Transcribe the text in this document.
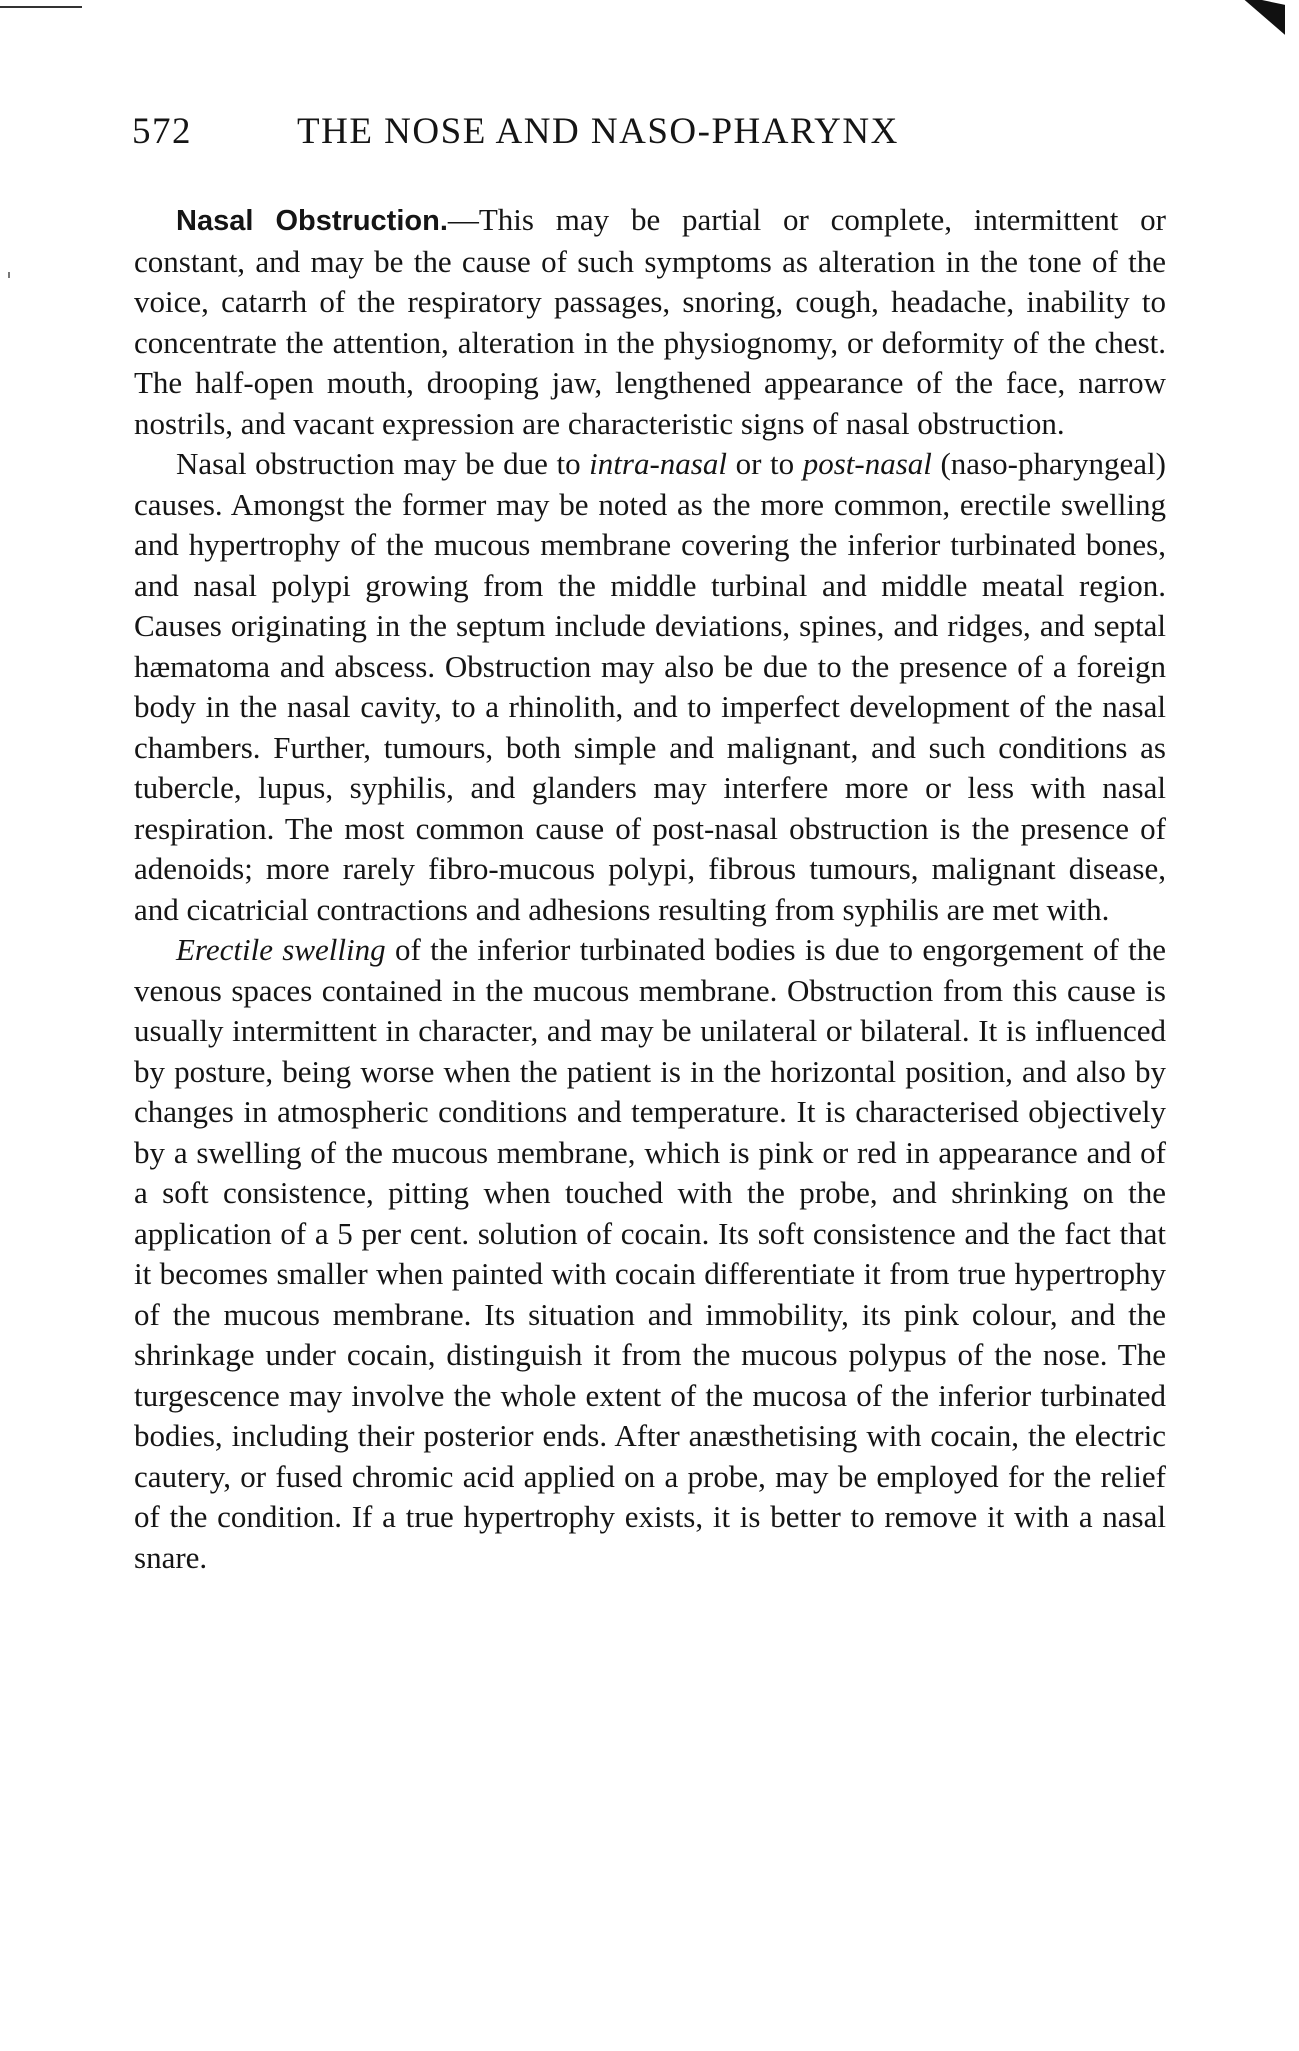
572	THE NOSE AND NASO-PHARYNX

Nasal Obstruction.—This may be partial or complete, intermittent or constant, and may be the cause of such symptoms as alteration in the tone of the voice, catarrh of the respiratory passages, snoring, cough, headache, inability to concentrate the attention, alteration in the physiognomy, or deformity of the chest. The half-open mouth, drooping jaw, lengthened appearance of the face, narrow nostrils, and vacant expression are characteristic signs of nasal obstruction.

Nasal obstruction may be due to intra-nasal or to post-nasal (naso-pharyngeal) causes. Amongst the former may be noted as the more common, erectile swelling and hypertrophy of the mucous membrane covering the inferior turbinated bones, and nasal polypi growing from the middle turbinal and middle meatal region. Causes originating in the septum include deviations, spines, and ridges, and septal hæmatoma and abscess. Obstruction may also be due to the presence of a foreign body in the nasal cavity, to a rhinolith, and to imperfect development of the nasal chambers. Further, tumours, both simple and malignant, and such conditions as tubercle, lupus, syphilis, and glanders may interfere more or less with nasal respiration. The most common cause of post-nasal obstruction is the presence of adenoids; more rarely fibro-mucous polypi, fibrous tumours, malignant disease, and cicatricial contractions and adhesions resulting from syphilis are met with.

Erectile swelling of the inferior turbinated bodies is due to engorgement of the venous spaces contained in the mucous membrane. Obstruction from this cause is usually intermittent in character, and may be unilateral or bilateral. It is influenced by posture, being worse when the patient is in the horizontal position, and also by changes in atmospheric conditions and temperature. It is characterised objectively by a swelling of the mucous membrane, which is pink or red in appearance and of a soft consistence, pitting when touched with the probe, and shrinking on the application of a 5 per cent. solution of cocain. Its soft consistence and the fact that it becomes smaller when painted with cocain differentiate it from true hypertrophy of the mucous membrane. Its situation and immobility, its pink colour, and the shrinkage under cocain, distinguish it from the mucous polypus of the nose. The turgescence may involve the whole extent of the mucosa of the inferior turbinated bodies, including their posterior ends. After anæsthetising with cocain, the electric cautery, or fused chromic acid applied on a probe, may be employed for the relief of the condition. If a true hypertrophy exists, it is better to remove it with a nasal snare.
